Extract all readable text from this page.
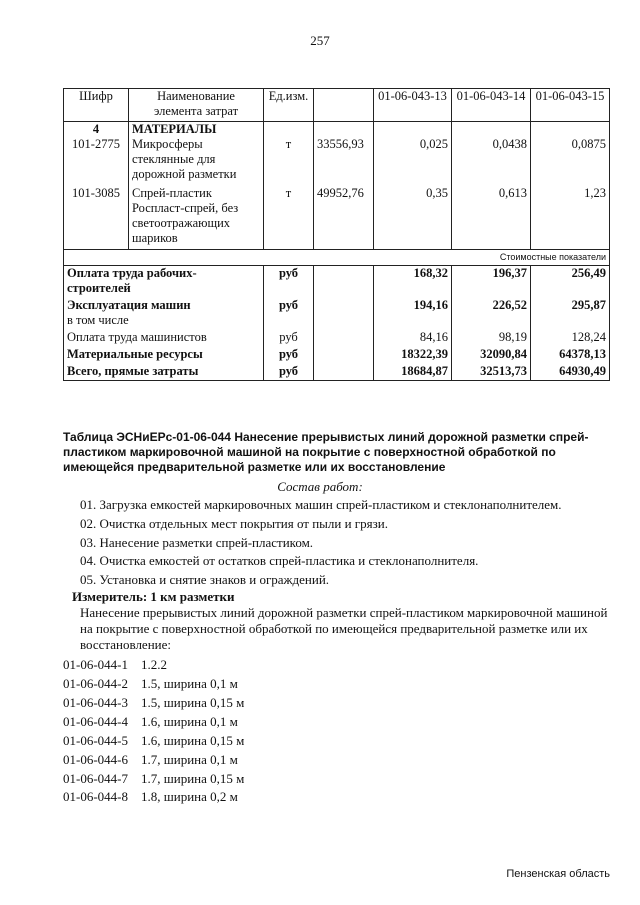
257
Шифр	Наименование элемента затрат	Ед.изм.		01-06-043-13	01-06-043-14	01-06-043-15
4	МАТЕРИАЛЫ					
101-2775	Микросферы стеклянные для дорожной разметки	т	33556,93	0,025	0,0438	0,0875
101-3085	Спрей-пластик Роспласт-спрей, без светоотражающих шариков	т	49952,76	0,35	0,613	1,23
Стоимостные показатели						
Оплата труда рабочих-строителей		руб		168,32	196,37	256,49
Эксплуатация машин		руб		194,16	226,52	295,87
в том числе						
Оплата труда машинистов		руб		84,16	98,19	128,24
Материальные ресурсы		руб		18322,39	32090,84	64378,13
Всего, прямые затраты		руб		18684,87	32513,73	64930,49
Таблица ЭСНиЕРс-01-06-044 Нанесение прерывистых линий дорожной разметки спрей-пластиком маркировочной машиной на покрытие с поверхностной обработкой по имеющейся предварительной разметке или их восстановление
Состав работ:
01. Загрузка емкостей маркировочных машин спрей-пластиком и стеклонаполнителем.
02. Очистка отдельных мест покрытия от пыли и грязи.
03. Нанесение разметки спрей-пластиком.
04. Очистка емкостей от остатков спрей-пластика и стеклонаполнителя.
05. Установка и снятие знаков и ограждений.
Измеритель: 1 км разметки
Нанесение прерывистых линий дорожной разметки спрей-пластиком маркировочной машиной на покрытие с поверхностной обработкой по имеющейся предварительной разметке или их восстановление:
01-06-044-1 1.2.2
01-06-044-2 1.5, ширина 0,1 м
01-06-044-3 1.5, ширина 0,15 м
01-06-044-4 1.6, ширина 0,1 м
01-06-044-5 1.6, ширина 0,15 м
01-06-044-6 1.7, ширина 0,1 м
01-06-044-7 1.7, ширина 0,15 м
01-06-044-8 1.8, ширина 0,2 м
Пензенская область
